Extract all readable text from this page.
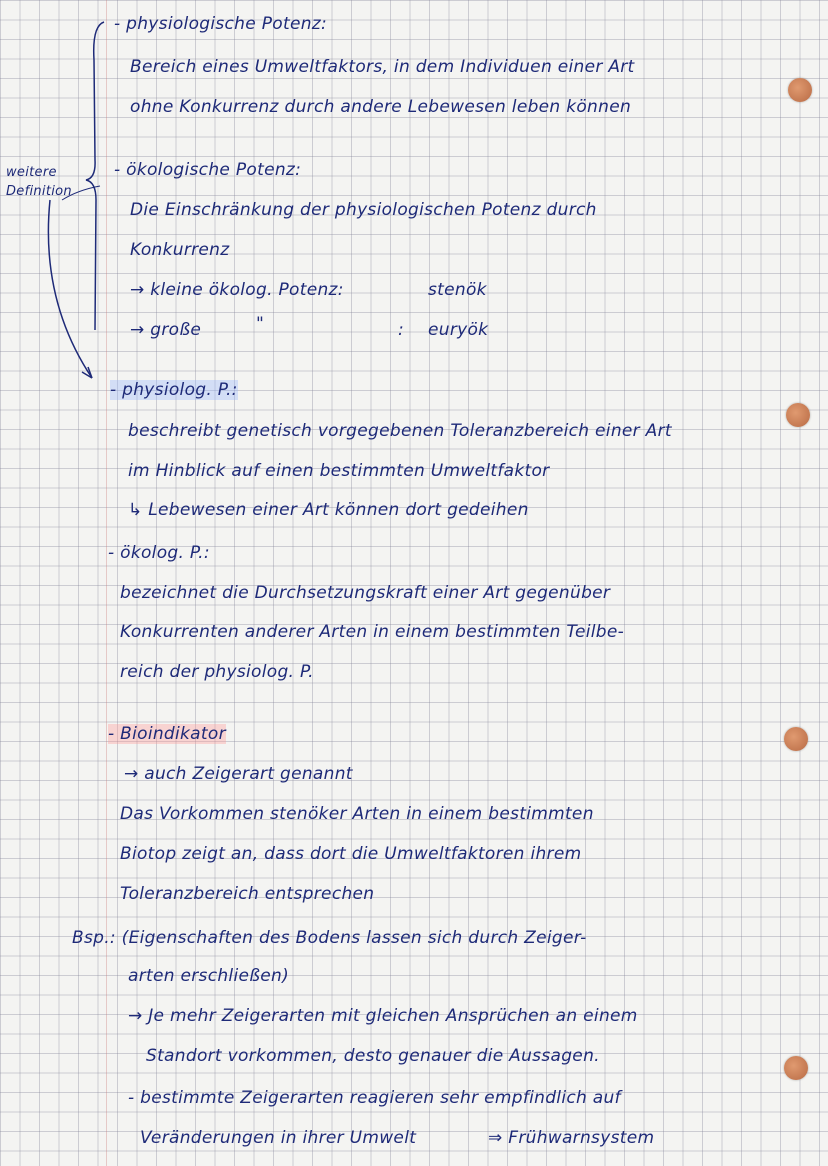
weitere
Definition
- physiologische Potenz:
Bereich eines Umweltfaktors, in dem Individuen einer Art
ohne Konkurrenz durch andere Lebewesen leben können
- ökologische Potenz:
Die Einschränkung der physiologischen Potenz durch
Konkurrenz
→ kleine ökolog. Potenz:	stenök
→ große	"	: euryök
- physiolog. P.:
beschreibt genetisch vorgegebenen Toleranzbereich einer Art
im Hinblick auf einen bestimmten Umweltfaktor
↳ Lebewesen einer Art können dort gedeihen
- ökolog. P.:
bezeichnet die Durchsetzungskraft einer Art gegenüber
Konkurrenten anderer Arten in einem bestimmten Teilbe-
reich der physiolog. P.
- Bioindikator
→ auch Zeigerart genannt
Das Vorkommen stenöker Arten in einem bestimmten
Biotop zeigt an, dass dort die Umweltfaktoren ihrem
Toleranzbereich entsprechen
Bsp.: (Eigenschaften des Bodens lassen sich durch Zeiger-
arten erschließen)
→ Je mehr Zeigerarten mit gleichen Ansprüchen an einem
Standort vorkommen, desto genauer die Aussagen.
- bestimmte Zeigerarten reagieren sehr empfindlich auf
Veränderungen in ihrer Umwelt	⇒ Frühwarnsystem
